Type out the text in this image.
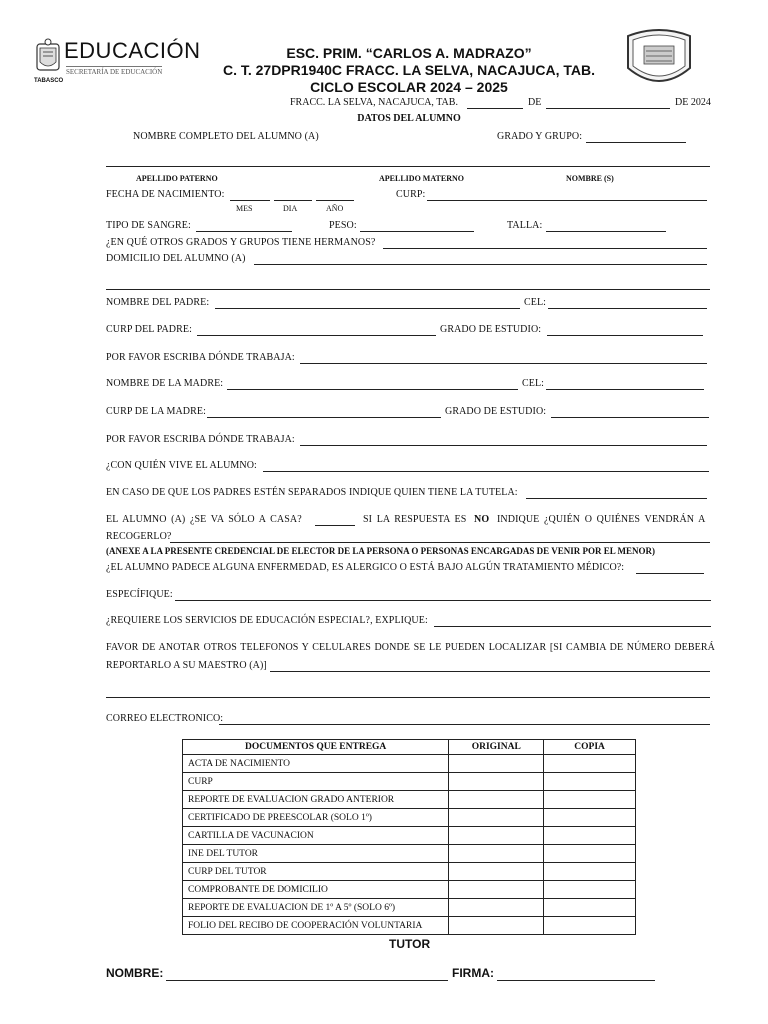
TABASCO
EDUCACIÓN
SECRETARÍA DE EDUCACIÓN
ESC. PRIM. “CARLOS A. MADRAZO”
C. T. 27DPR1940C FRACC. LA SELVA, NACAJUCA, TAB.
CICLO ESCOLAR 2024 – 2025
FRACC. LA SELVA, NACAJUCA, TAB.	DE	DE 2024
DATOS DEL ALUMNO
NOMBRE COMPLETO DEL ALUMNO (A)	GRADO Y GRUPO:
APELLIDO PATERNO	APELLIDO MATERNO	NOMBRE (S)
FECHA DE NACIMIENTO:	CURP:
MES	DIA	AÑO
TIPO DE SANGRE:	PESO:	TALLA:
¿EN QUÉ OTROS GRADOS Y GRUPOS TIENE HERMANOS?
DOMICILIO DEL ALUMNO (A)
NOMBRE DEL PADRE:	CEL:
CURP DEL PADRE:	GRADO DE ESTUDIO:
POR FAVOR ESCRIBA DÓNDE TRABAJA:
NOMBRE DE LA MADRE:	CEL:
CURP DE LA MADRE:	GRADO DE ESTUDIO:
POR FAVOR ESCRIBA DÓNDE TRABAJA:
¿CON QUIÉN VIVE EL ALUMNO:
EN CASO DE QUE LOS PADRES ESTÉN SEPARADOS INDIQUE QUIEN TIENE LA TUTELA:
EL ALUMNO (A) ¿SE VA SÓLO A CASA?	SI LA RESPUESTA ES NO INDIQUE ¿QUIÉN O QUIÉNES VENDRÁN A
RECOGERLO?
(ANEXE A LA PRESENTE CREDENCIAL DE ELECTOR DE LA PERSONA O PERSONAS ENCARGADAS DE VENIR POR EL MENOR)
¿EL ALUMNO PADECE ALGUNA ENFERMEDAD, ES ALERGICO O ESTÁ BAJO ALGÚN TRATAMIENTO MÉDICO?:
ESPECÍFIQUE:
¿REQUIERE LOS SERVICIOS DE EDUCACIÓN ESPECIAL?, EXPLIQUE:
FAVOR DE ANOTAR OTROS TELEFONOS Y CELULARES DONDE SE LE PUEDEN LOCALIZAR [SI CAMBIA DE NÚMERO DEBERÁ
REPORTARLO A SU MAESTRO (A)]
CORREO ELECTRONICO:
DOCUMENTOS QUE ENTREGA	ORIGINAL	COPIA
ACTA DE NACIMIENTO		
CURP		
REPORTE DE EVALUACION GRADO ANTERIOR		
CERTIFICADO DE PREESCOLAR (SOLO 1º)		
CARTILLA DE VACUNACION		
INE DEL TUTOR		
CURP DEL TUTOR		
COMPROBANTE DE DOMICILIO		
REPORTE DE EVALUACION DE 1º A 5º (SOLO 6º)		
FOLIO DEL RECIBO DE COOPERACIÓN VOLUNTARIA		
TUTOR
NOMBRE:	FIRMA:
